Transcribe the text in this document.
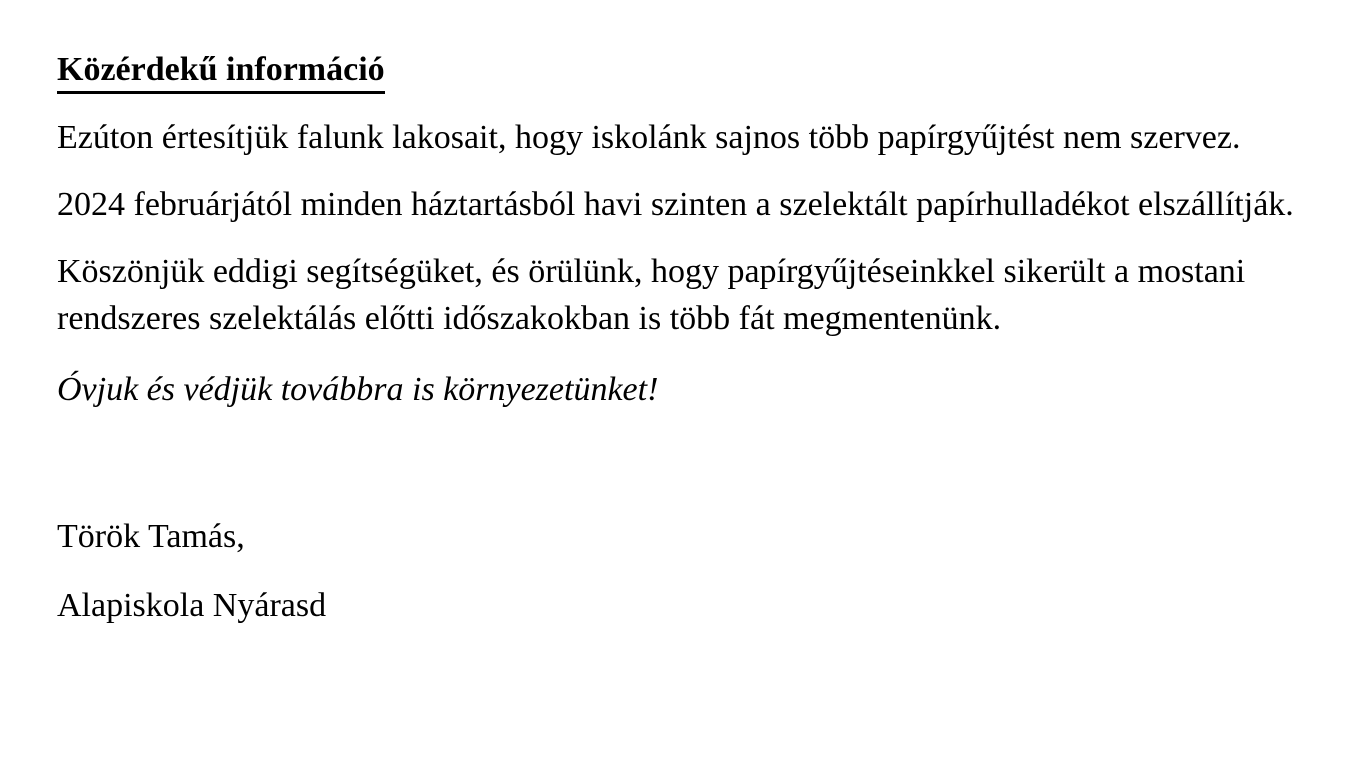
Közérdekű információ

Ezúton értesítjük falunk lakosait, hogy iskolánk sajnos több papírgyűjtést nem szervez.

2024 februárjától minden háztartásból havi szinten a szelektált papírhulladékot elszállítják.

Köszönjük eddigi segítségüket, és örülünk, hogy papírgyűjtéseinkkel sikerült a mostani rendszeres szelektálás előtti időszakokban is több fát megmentenünk.

Óvjuk és védjük továbbra is környezetünket!

Török Tamás,

Alapiskola Nyárasd
